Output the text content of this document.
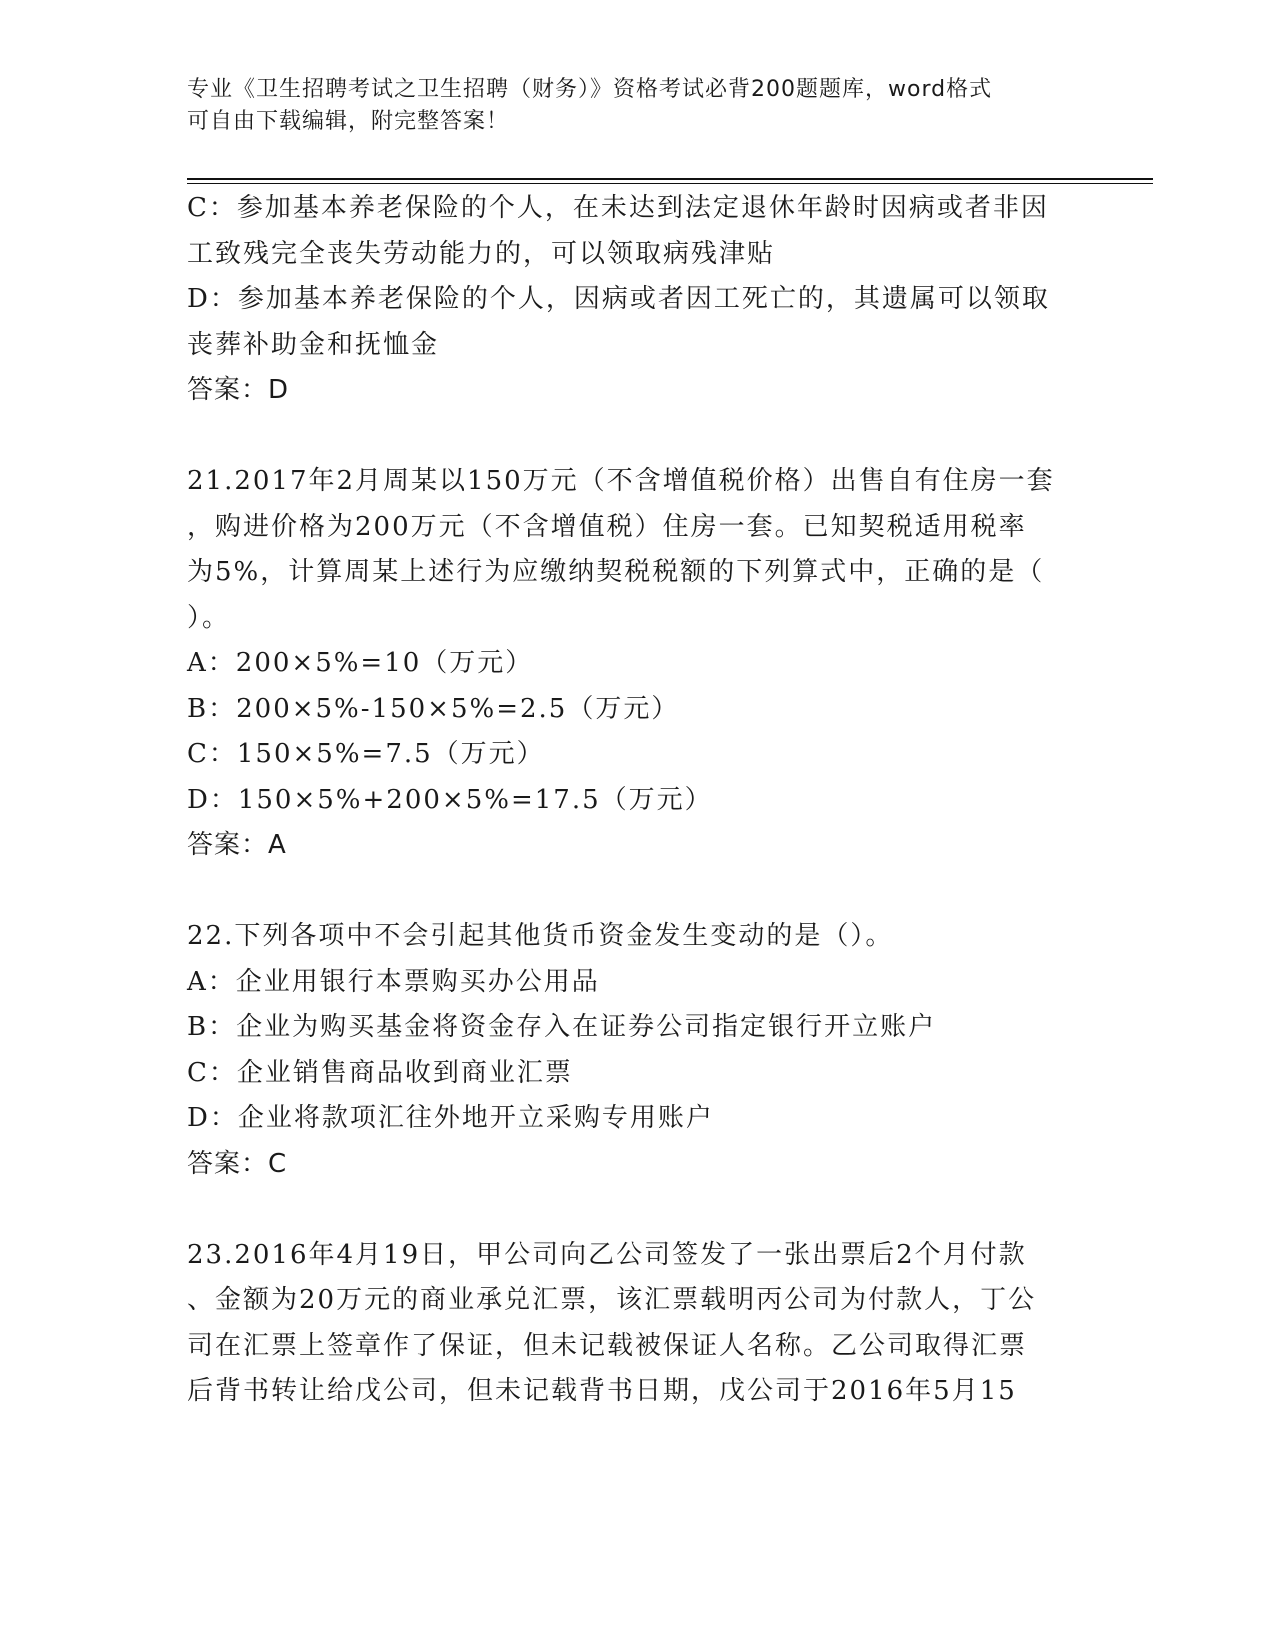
专业《卫生招聘考试之卫生招聘（财务）》资格考试必背200题题库，word格式
可自由下载编辑，附完整答案！
C：参加基本养老保险的个人，在未达到法定退休年龄时因病或者非因
工致残完全丧失劳动能力的，可以领取病残津贴
D：参加基本养老保险的个人，因病或者因工死亡的，其遗属可以领取
丧葬补助金和抚恤金
答案：D
21.2017年2月周某以150万元（不含增值税价格）出售自有住房一套
，购进价格为200万元（不含增值税）住房一套。已知契税适用税率
为5%，计算周某上述行为应缴纳契税税额的下列算式中，正确的是（
）。
A：200×5%=10（万元）
B：200×5%-150×5%=2.5（万元）
C：150×5%=7.5（万元）
D：150×5%+200×5%=17.5（万元）
答案：A
22.下列各项中不会引起其他货币资金发生变动的是（）。
A：企业用银行本票购买办公用品
B：企业为购买基金将资金存入在证券公司指定银行开立账户
C：企业销售商品收到商业汇票
D：企业将款项汇往外地开立采购专用账户
答案：C
23.2016年4月19日，甲公司向乙公司签发了一张出票后2个月付款
、金额为20万元的商业承兑汇票，该汇票载明丙公司为付款人，丁公
司在汇票上签章作了保证，但未记载被保证人名称。乙公司取得汇票
后背书转让给戊公司，但未记载背书日期，戊公司于2016年5月15
